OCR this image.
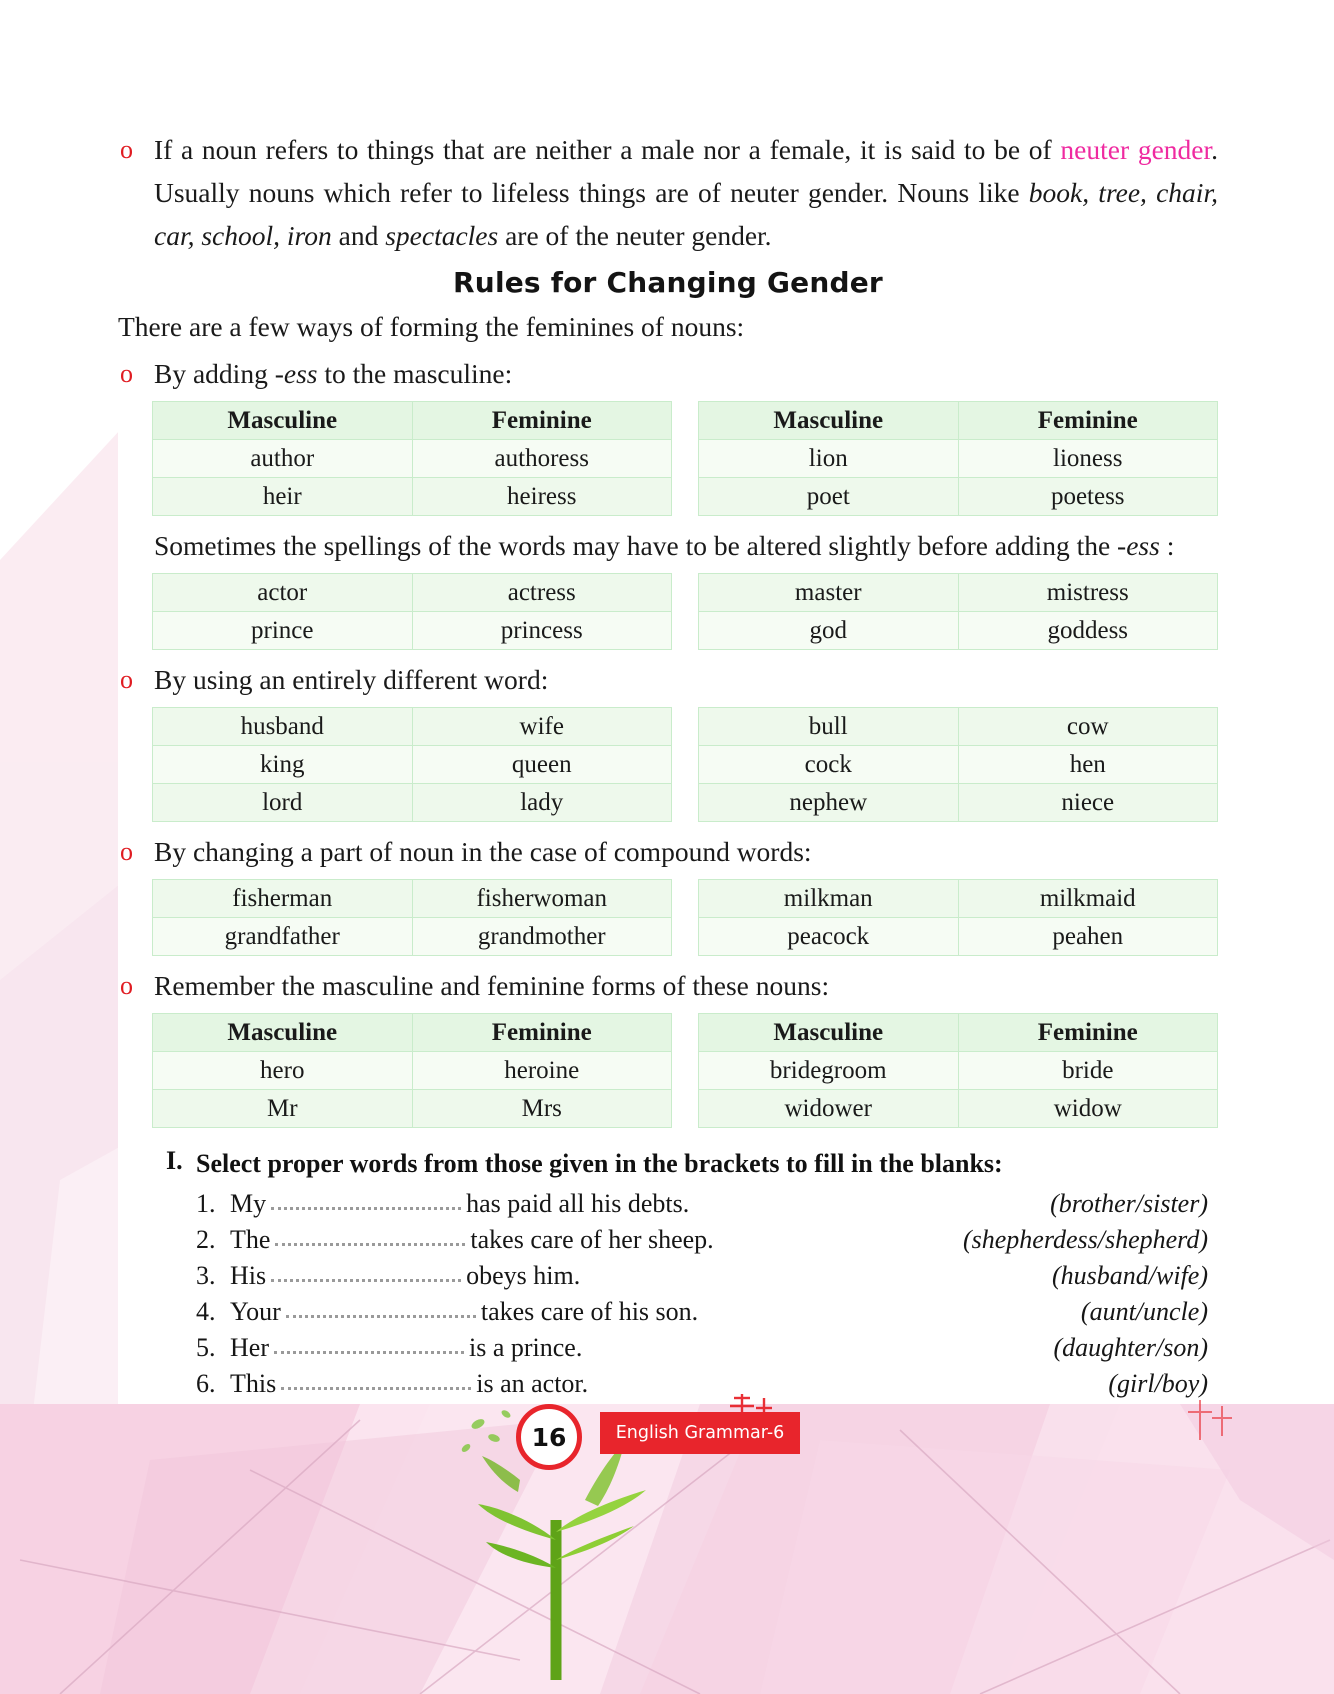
o If a noun refers to things that are neither a male nor a female, it is said to be of neuter gender. Usually nouns which refer to lifeless things are of neuter gender. Nouns like book, tree, chair, car, school, iron and spectacles are of the neuter gender.

Rules for Changing Gender

There are a few ways of forming the feminines of nouns:

o By adding -ess to the masculine:

Masculine	Feminine
author	authoress
heir	heiress
Masculine	Feminine
lion	lioness
poet	poetess

Sometimes the spellings of the words may have to be altered slightly before adding the -ess :

actor	actress
prince	princess
master	mistress
god	goddess
o By using an entirely different word:

husband	wife
king	queen
lord	lady
bull	cow
cock	hen
nephew	niece
o By changing a part of noun in the case of compound words:

fisherman	fisherwoman
grandfather	grandmother
milkman	milkmaid
peacock	peahen
o Remember the masculine and feminine forms of these nouns:

Masculine	Feminine
hero	heroine
Mr	Mrs
Masculine	Feminine
bridegroom	bride
widower	widow
I. Select proper words from those given in the brackets to fill in the blanks:
1. My	has paid all his debts.	(brother/sister)
2. The	takes care of her sheep.	(shepherdess/shepherd)
3. His	obeys him.	(husband/wife)
4. Your	takes care of his son.	(aunt/uncle)
5. Her	is a prince.	(daughter/son)
6. This	is an actor.	(girl/boy)
16	English Grammar-6
